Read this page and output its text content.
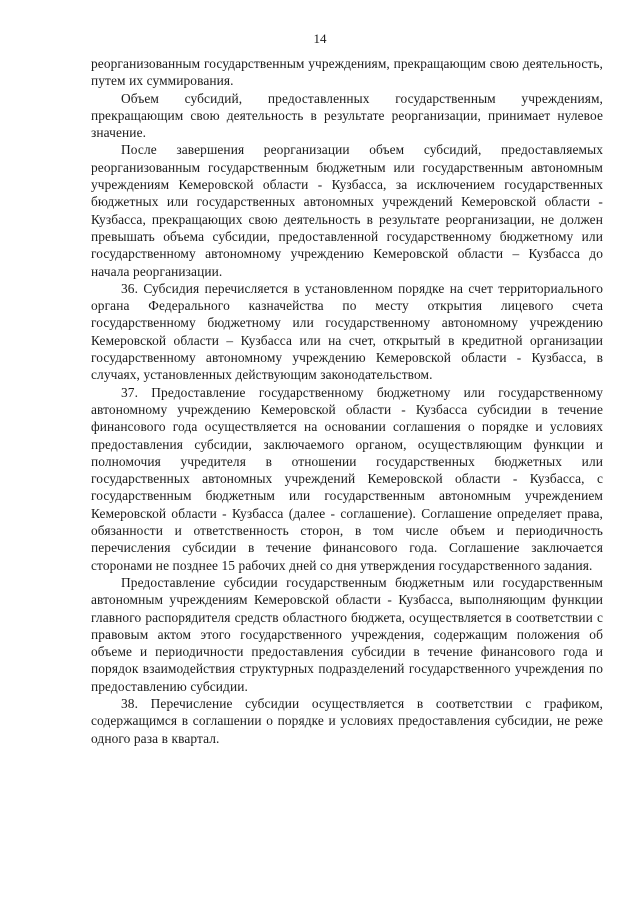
14

реорганизованным государственным учреждениям, прекращающим свою деятельность, путем их суммирования.

Объем субсидий, предоставленных государственным учреждениям, прекращающим свою деятельность в результате реорганизации, принимает нулевое значение.

После завершения реорганизации объем субсидий, предоставляемых реорганизованным государственным бюджетным или государственным автономным учреждениям Кемеровской области - Кузбасса, за исключением государственных бюджетных или государственных автономных учреждений Кемеровской области - Кузбасса, прекращающих свою деятельность в результате реорганизации, не должен превышать объема субсидии, предоставленной государственному бюджетному или государственному автономному учреждению Кемеровской области – Кузбасса до начала реорганизации.

36. Субсидия перечисляется в установленном порядке на счет территориального органа Федерального казначейства по месту открытия лицевого счета государственному бюджетному или государственному автономному учреждению Кемеровской области – Кузбасса или на счет, открытый в кредитной организации государственному автономному учреждению Кемеровской области - Кузбасса, в случаях, установленных действующим законодательством.

37. Предоставление государственному бюджетному или государственному автономному учреждению Кемеровской области - Кузбасса субсидии в течение финансового года осуществляется на основании соглашения о порядке и условиях предоставления субсидии, заключаемого органом, осуществляющим функции и полномочия учредителя в отношении государственных бюджетных или государственных автономных учреждений Кемеровской области - Кузбасса, с государственным бюджетным или государственным автономным учреждением Кемеровской области - Кузбасса (далее - соглашение). Соглашение определяет права, обязанности и ответственность сторон, в том числе объем и периодичность перечисления субсидии в течение финансового года. Соглашение заключается сторонами не позднее 15 рабочих дней со дня утверждения государственного задания.

Предоставление субсидии государственным бюджетным или государственным автономным учреждениям Кемеровской области - Кузбасса, выполняющим функции главного распорядителя средств областного бюджета, осуществляется в соответствии с правовым актом этого государственного учреждения, содержащим положения об объеме и периодичности предоставления субсидии в течение финансового года и порядок взаимодействия структурных подразделений государственного учреждения по предоставлению субсидии.

38. Перечисление субсидии осуществляется в соответствии с графиком, содержащимся в соглашении о порядке и условиях предоставления субсидии, не реже одного раза в квартал.
